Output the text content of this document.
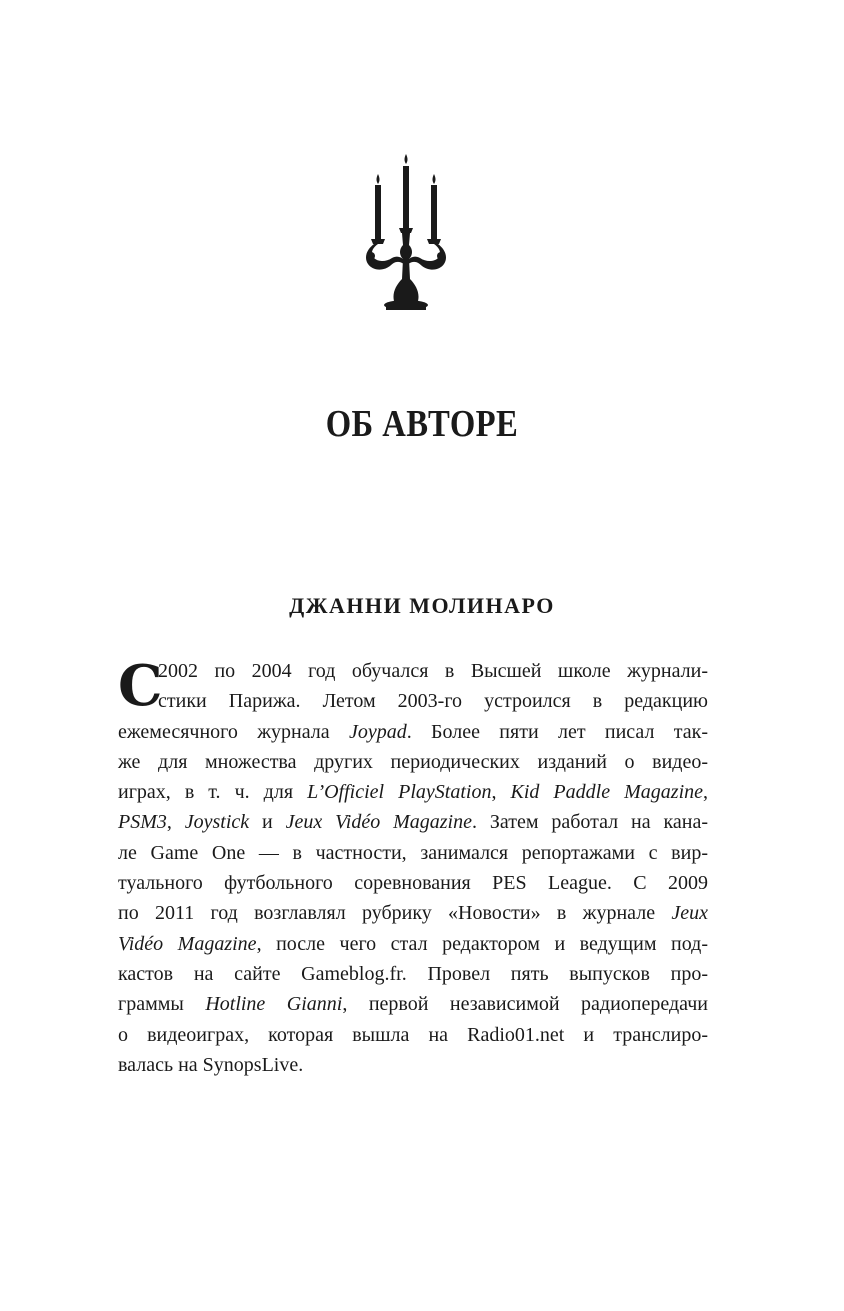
ОБ АВТОРЕ
ДЖАННИ МОЛИНАРО
С
2002 по 2004 год обучался в Высшей школе журнали-
стики Парижа. Летом 2003-го устроился в редакцию
ежемесячного журнала Joypad. Более пяти лет писал так-
же для множества других периодических изданий о видео-
играх, в т. ч. для L’Officiel PlayStation, Kid Paddle Magazine,
PSM3, Joystick и Jeux Vidéo Magazine. Затем работал на кана-
ле Game One — в частности, занимался репортажами с вир-
туального футбольного соревнования PES League. С 2009
по 2011 год возглавлял рубрику «Новости» в журнале Jeux
Vidéo Magazine, после чего стал редактором и ведущим под-
кастов на сайте Gameblog.fr. Провел пять выпусков про-
граммы Hotline Gianni, первой независимой радиопередачи
о видеоиграх, которая вышла на Radio01.net и транслиро-
валась на SynopsLive.
